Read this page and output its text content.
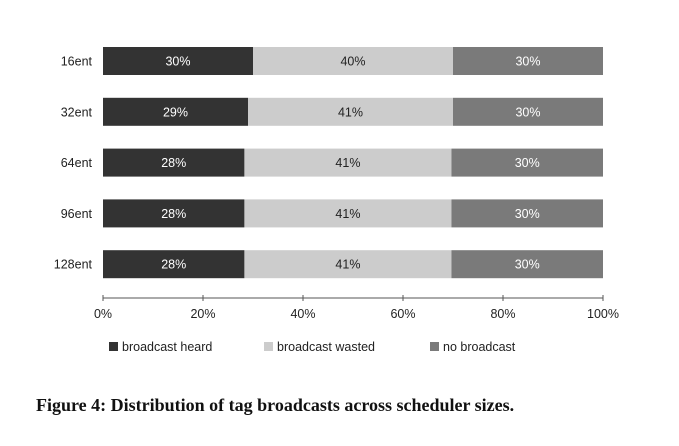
30%	40%	30%
29%	41%	30%
28%	41%	30%
28%	41%	30%
28%	41%	30%
16ent
32ent
64ent
96ent
128ent
0%	20%	40%	60%	80%	100%
broadcast heard	broadcast wasted	no broadcast
Figure 4: Distribution of tag broadcasts across scheduler sizes.
